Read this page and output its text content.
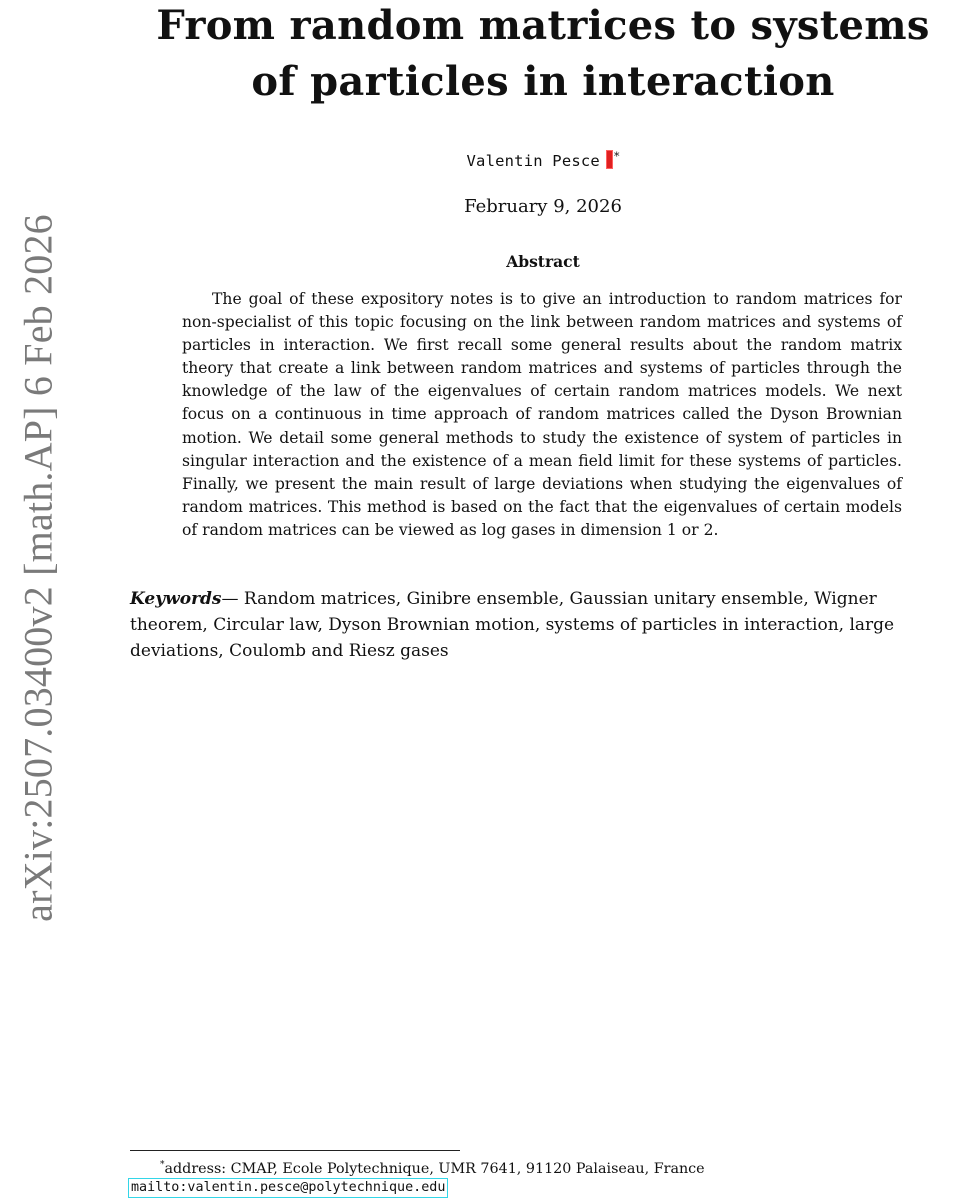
arXiv:2507.03400v2 [math.AP] 6 Feb 2026
From random matrices to systems of particles in interaction
Valentin Pesce *
February 9, 2026
Abstract

The goal of these expository notes is to give an introduction to random matrices for non-specialist of this topic focusing on the link between random matrices and systems of particles in interaction. We first recall some general results about the random matrix theory that create a link between random matrices and systems of particles through the knowledge of the law of the eigenvalues of certain random matrices models. We next focus on a continuous in time approach of random matrices called the Dyson Brownian motion. We detail some general methods to study the existence of system of particles in singular interaction and the existence of a mean field limit for these systems of particles. Finally, we present the main result of large deviations when studying the eigenvalues of random matrices. This method is based on the fact that the eigenvalues of certain models of random matrices can be viewed as log gases in dimension 1 or 2.

Keywords— Random matrices, Ginibre ensemble, Gaussian unitary ensemble, Wigner theorem, Circular law, Dyson Brownian motion, systems of particles in interaction, large deviations, Coulomb and Riesz gases

*address: CMAP, Ecole Polytechnique, UMR 7641, 91120 Palaiseau, France
mailto:valentin.pesce@polytechnique.edu
